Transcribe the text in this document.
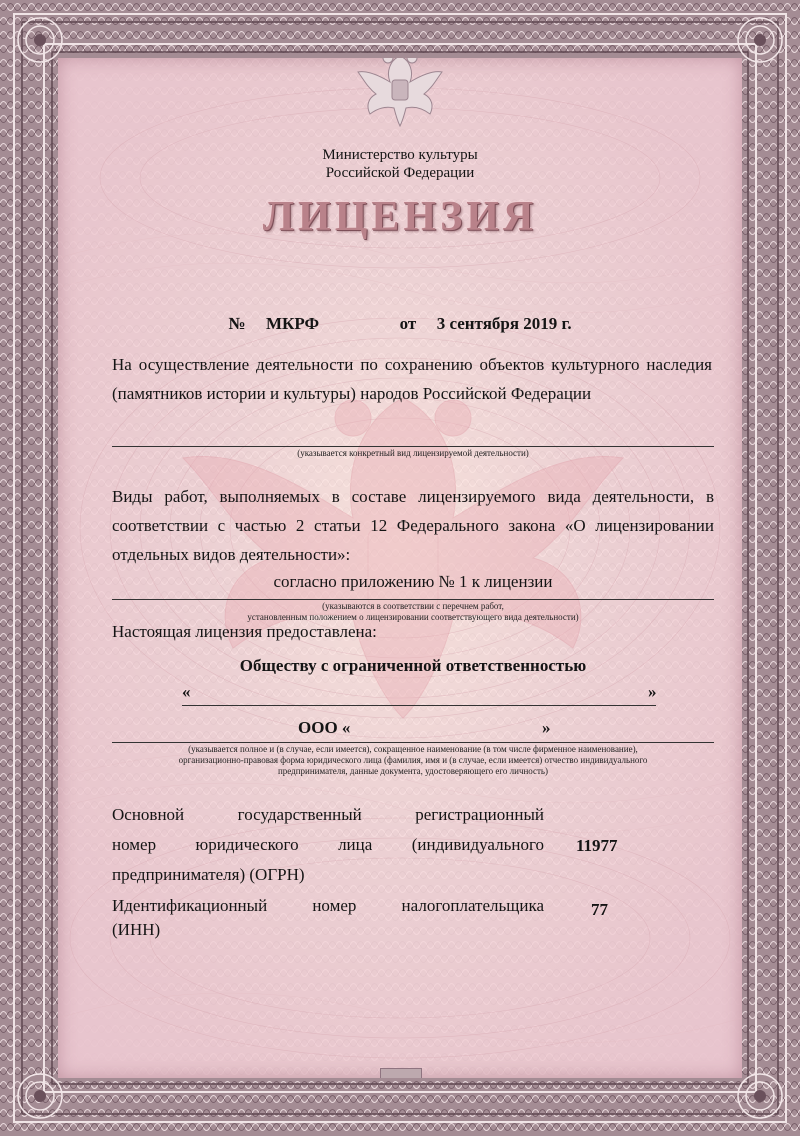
Министерство культуры
Российской Федерации
ЛИЦЕНЗИЯ
№ МКРФ	от 3 сентября 2019 г.
На осуществление деятельности по сохранению объектов культурного наследия (памятников истории и культуры) народов Российской Федерации
(указывается конкретный вид лицензируемой деятельности)
Виды работ, выполняемых в составе лицензируемого вида деятельности, в соответствии с частью 2 статьи 12 Федерального закона «О лицензировании отдельных видов деятельности»:
согласно приложению № 1 к лицензии
(указываются в соответствии с перечнем работ,
установленным положением о лицензировании соответствующего вида деятельности)
Настоящая лицензия предоставлена:
Обществу с ограниченной ответственностью
«	»
ООО «	»
(указывается полное и (в случае, если имеется), сокращенное наименование (в том числе фирменное наименование),
организационно-правовая форма юридического лица (фамилия, имя и (в случае, если имеется) отчество индивидуального
предпринимателя, данные документа, удостоверяющего его личность)
Основной государственный регистрационный
номер юридического лица (индивидуального
предпринимателя) (ОГРН)
11977
Идентификационный номер налогоплательщика
(ИНН)
77
